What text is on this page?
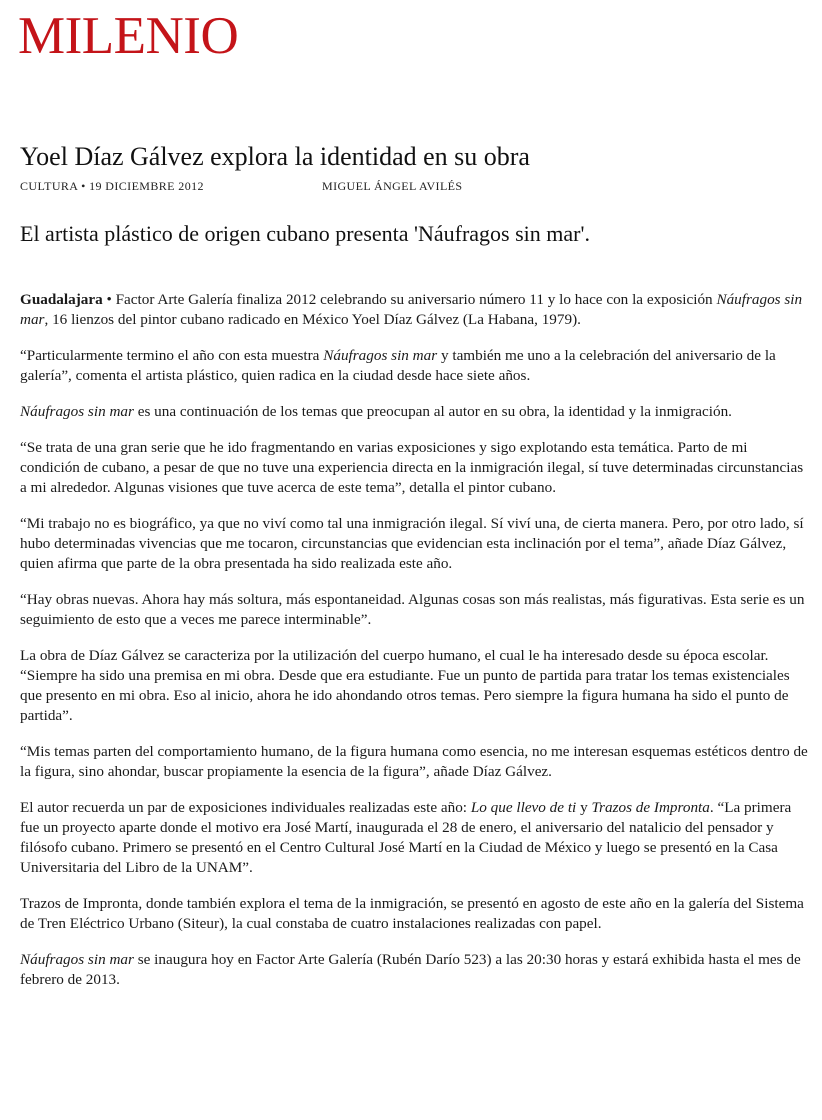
MILENIO
Yoel Díaz Gálvez explora la identidad en su obra
CULTURA • 19 DICIEMBRE 2012	MIGUEL ÁNGEL AVILÉS
El artista plástico de origen cubano presenta 'Náufragos sin mar'.

Guadalajara • Factor Arte Galería finaliza 2012 celebrando su aniversario número 11 y lo hace con la exposición Náufragos sin mar, 16 lienzos del pintor cubano radicado en México Yoel Díaz Gálvez (La Habana, 1979).

“Particularmente termino el año con esta muestra Náufragos sin mar y también me uno a la celebración del aniversario de la galería”, comenta el artista plástico, quien radica en la ciudad desde hace siete años.

Náufragos sin mar es una continuación de los temas que preocupan al autor en su obra, la identidad y la inmigración.

“Se trata de una gran serie que he ido fragmentando en varias exposiciones y sigo explotando esta temática. Parto de mi condición de cubano, a pesar de que no tuve una experiencia directa en la inmigración ilegal, sí tuve determinadas circunstancias a mi alrededor. Algunas visiones que tuve acerca de este tema”, detalla el pintor cubano.

“Mi trabajo no es biográfico, ya que no viví como tal una inmigración ilegal. Sí viví una, de cierta manera. Pero, por otro lado, sí hubo determinadas vivencias que me tocaron, circunstancias que evidencian esta inclinación por el tema”, añade Díaz Gálvez, quien afirma que parte de la obra presentada ha sido realizada este año.

“Hay obras nuevas. Ahora hay más soltura, más espontaneidad. Algunas cosas son más realistas, más figurativas. Esta serie es un seguimiento de esto que a veces me parece interminable”.

La obra de Díaz Gálvez se caracteriza por la utilización del cuerpo humano, el cual le ha interesado desde su época escolar. “Siempre ha sido una premisa en mi obra. Desde que era estudiante. Fue un punto de partida para tratar los temas existenciales que presento en mi obra. Eso al inicio, ahora he ido ahondando otros temas. Pero siempre la figura humana ha sido el punto de partida”.

“Mis temas parten del comportamiento humano, de la figura humana como esencia, no me interesan esquemas estéticos dentro de la figura, sino ahondar, buscar propiamente la esencia de la figura”, añade Díaz Gálvez.

El autor recuerda un par de exposiciones individuales realizadas este año: Lo que llevo de ti y Trazos de Impronta. “La primera fue un proyecto aparte donde el motivo era José Martí, inaugurada el 28 de enero, el aniversario del natalicio del pensador y filósofo cubano. Primero se presentó en el Centro Cultural José Martí en la Ciudad de México y luego se presentó en la Casa Universitaria del Libro de la UNAM”.

Trazos de Impronta, donde también explora el tema de la inmigración, se presentó en agosto de este año en la galería del Sistema de Tren Eléctrico Urbano (Siteur), la cual constaba de cuatro instalaciones realizadas con papel.

Náufragos sin mar se inaugura hoy en Factor Arte Galería (Rubén Darío 523) a las 20:30 horas y estará exhibida hasta el mes de febrero de 2013.
